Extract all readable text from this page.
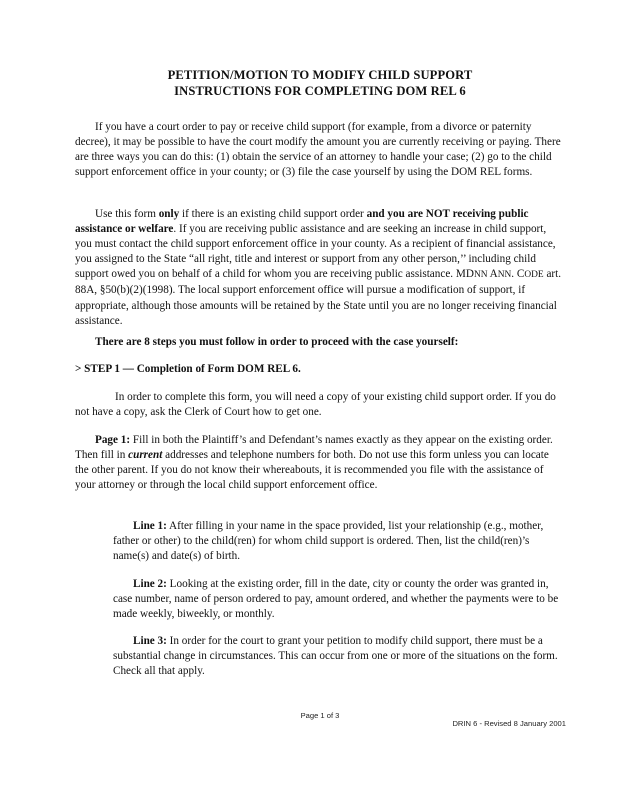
PETITION/MOTION TO MODIFY CHILD SUPPORT
INSTRUCTIONS FOR COMPLETING DOM REL 6

If you have a court order to pay or receive child support (for example, from a divorce or paternity decree), it may be possible to have the court modify the amount you are currently receiving or paying. There are three ways you can do this: (1) obtain the service of an attorney to handle your case; (2) go to the child support enforcement office in your county; or (3) file the case yourself by using the DOM REL forms.

Use this form only if there is an existing child support order and you are NOT receiving public assistance or welfare. If you are receiving public assistance and are seeking an increase in child support, you must contact the child support enforcement office in your county. As a recipient of financial assistance, you assigned to the State “all right, title and interest or support from any other person,’’ including child support owed you on behalf of a child for whom you are receiving public assistance. MDNN ANN. CODE art. 88A, §50(b)(2)(1998). The local support enforcement office will pursue a modification of support, if appropriate, although those amounts will be retained by the State until you are no longer receiving financial assistance.

There are 8 steps you must follow in order to proceed with the case yourself:

> STEP 1 — Completion of Form DOM REL 6.

In order to complete this form, you will need a copy of your existing child support order. If you do not have a copy, ask the Clerk of Court how to get one.

Page 1: Fill in both the Plaintiff’s and Defendant’s names exactly as they appear on the existing order. Then fill in current addresses and telephone numbers for both. Do not use this form unless you can locate the other parent. If you do not know their whereabouts, it is recommended you file with the assistance of your attorney or through the local child support enforcement office.

Line 1: After filling in your name in the space provided, list your relationship (e.g., mother, father or other) to the child(ren) for whom child support is ordered. Then, list the child(ren)’s name(s) and date(s) of birth.

Line 2: Looking at the existing order, fill in the date, city or county the order was granted in, case number, name of person ordered to pay, amount ordered, and whether the payments were to be made weekly, biweekly, or monthly.

Line 3: In order for the court to grant your petition to modify child support, there must be a substantial change in circumstances. This can occur from one or more of the situations on the form. Check all that apply.

Page 1 of 3
DRIN 6 - Revised 8 January 2001
